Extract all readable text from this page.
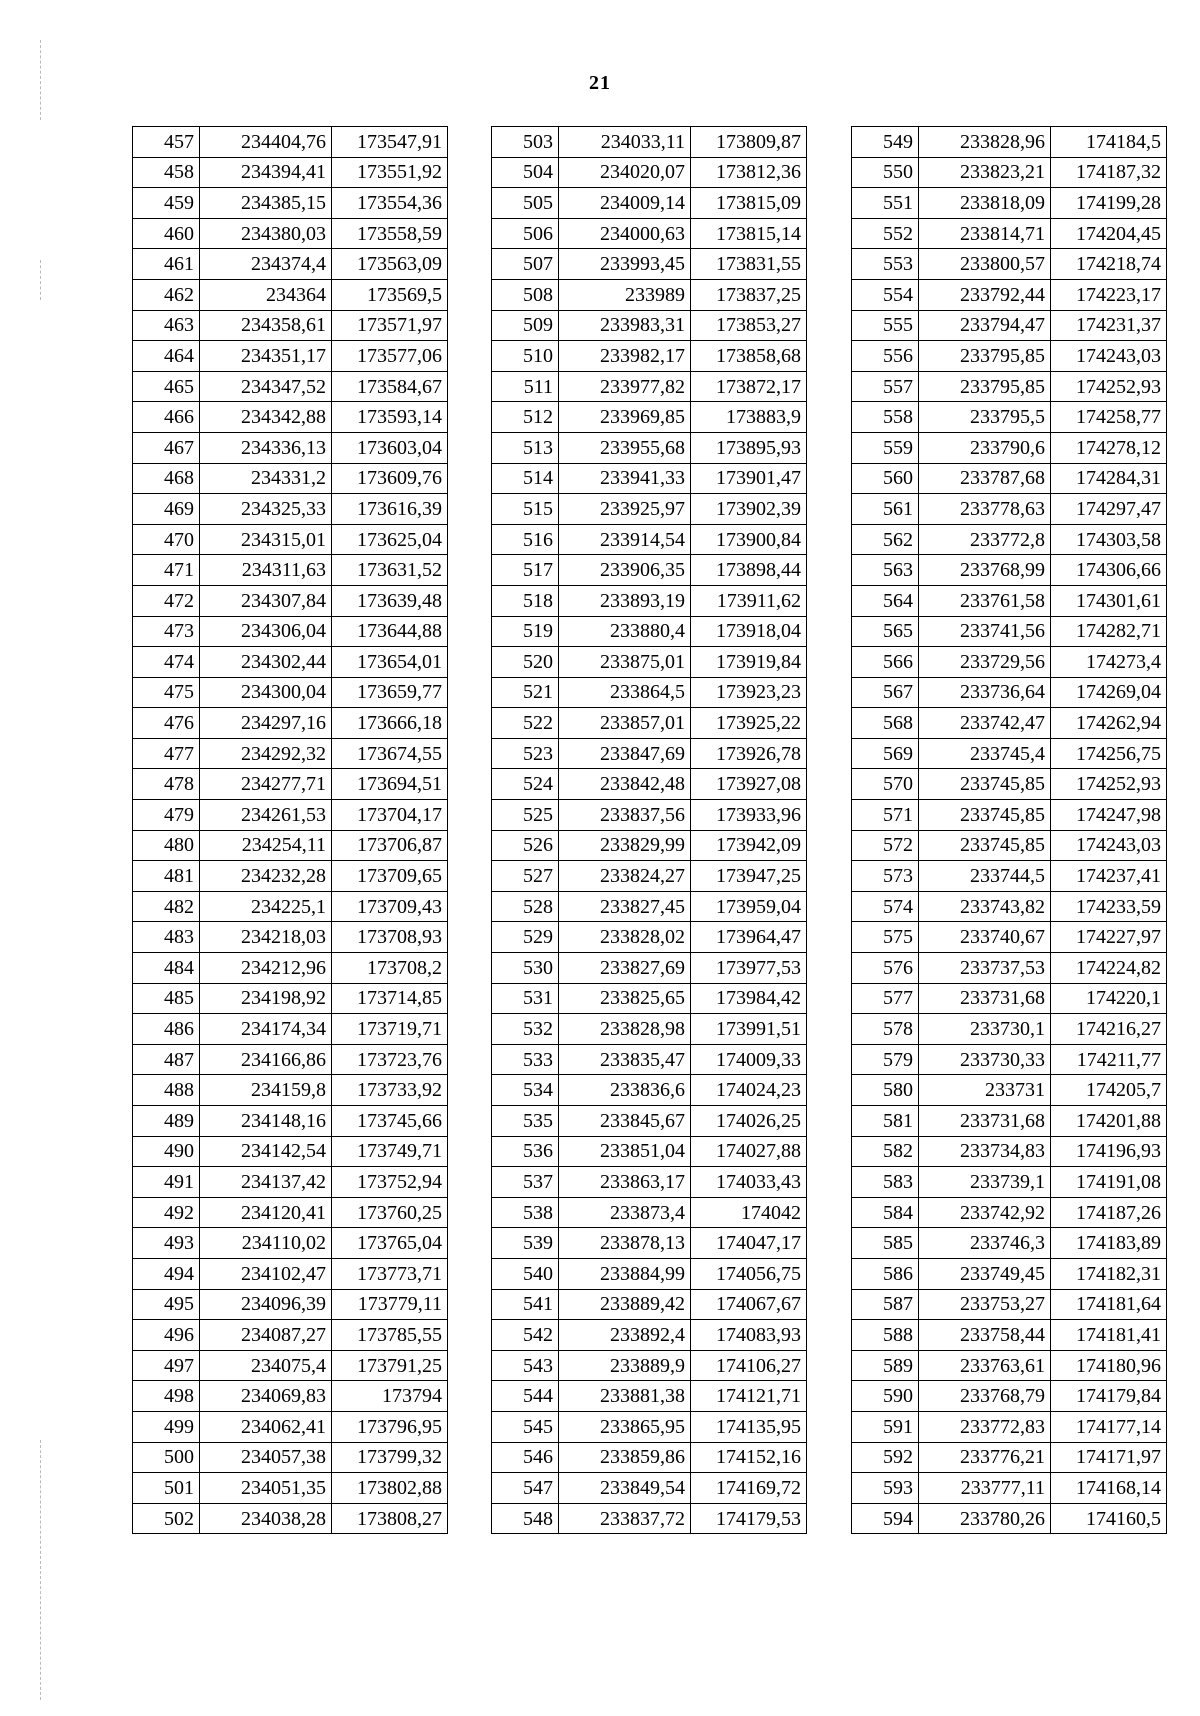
21
457	234404,76	173547,91
458	234394,41	173551,92
459	234385,15	173554,36
460	234380,03	173558,59
461	234374,4	173563,09
462	234364	173569,5
463	234358,61	173571,97
464	234351,17	173577,06
465	234347,52	173584,67
466	234342,88	173593,14
467	234336,13	173603,04
468	234331,2	173609,76
469	234325,33	173616,39
470	234315,01	173625,04
471	234311,63	173631,52
472	234307,84	173639,48
473	234306,04	173644,88
474	234302,44	173654,01
475	234300,04	173659,77
476	234297,16	173666,18
477	234292,32	173674,55
478	234277,71	173694,51
479	234261,53	173704,17
480	234254,11	173706,87
481	234232,28	173709,65
482	234225,1	173709,43
483	234218,03	173708,93
484	234212,96	173708,2
485	234198,92	173714,85
486	234174,34	173719,71
487	234166,86	173723,76
488	234159,8	173733,92
489	234148,16	173745,66
490	234142,54	173749,71
491	234137,42	173752,94
492	234120,41	173760,25
493	234110,02	173765,04
494	234102,47	173773,71
495	234096,39	173779,11
496	234087,27	173785,55
497	234075,4	173791,25
498	234069,83	173794
499	234062,41	173796,95
500	234057,38	173799,32
501	234051,35	173802,88
502	234038,28	173808,27
503	234033,11	173809,87
504	234020,07	173812,36
505	234009,14	173815,09
506	234000,63	173815,14
507	233993,45	173831,55
508	233989	173837,25
509	233983,31	173853,27
510	233982,17	173858,68
511	233977,82	173872,17
512	233969,85	173883,9
513	233955,68	173895,93
514	233941,33	173901,47
515	233925,97	173902,39
516	233914,54	173900,84
517	233906,35	173898,44
518	233893,19	173911,62
519	233880,4	173918,04
520	233875,01	173919,84
521	233864,5	173923,23
522	233857,01	173925,22
523	233847,69	173926,78
524	233842,48	173927,08
525	233837,56	173933,96
526	233829,99	173942,09
527	233824,27	173947,25
528	233827,45	173959,04
529	233828,02	173964,47
530	233827,69	173977,53
531	233825,65	173984,42
532	233828,98	173991,51
533	233835,47	174009,33
534	233836,6	174024,23
535	233845,67	174026,25
536	233851,04	174027,88
537	233863,17	174033,43
538	233873,4	174042
539	233878,13	174047,17
540	233884,99	174056,75
541	233889,42	174067,67
542	233892,4	174083,93
543	233889,9	174106,27
544	233881,38	174121,71
545	233865,95	174135,95
546	233859,86	174152,16
547	233849,54	174169,72
548	233837,72	174179,53
549	233828,96	174184,5
550	233823,21	174187,32
551	233818,09	174199,28
552	233814,71	174204,45
553	233800,57	174218,74
554	233792,44	174223,17
555	233794,47	174231,37
556	233795,85	174243,03
557	233795,85	174252,93
558	233795,5	174258,77
559	233790,6	174278,12
560	233787,68	174284,31
561	233778,63	174297,47
562	233772,8	174303,58
563	233768,99	174306,66
564	233761,58	174301,61
565	233741,56	174282,71
566	233729,56	174273,4
567	233736,64	174269,04
568	233742,47	174262,94
569	233745,4	174256,75
570	233745,85	174252,93
571	233745,85	174247,98
572	233745,85	174243,03
573	233744,5	174237,41
574	233743,82	174233,59
575	233740,67	174227,97
576	233737,53	174224,82
577	233731,68	174220,1
578	233730,1	174216,27
579	233730,33	174211,77
580	233731	174205,7
581	233731,68	174201,88
582	233734,83	174196,93
583	233739,1	174191,08
584	233742,92	174187,26
585	233746,3	174183,89
586	233749,45	174182,31
587	233753,27	174181,64
588	233758,44	174181,41
589	233763,61	174180,96
590	233768,79	174179,84
591	233772,83	174177,14
592	233776,21	174171,97
593	233777,11	174168,14
594	233780,26	174160,5
